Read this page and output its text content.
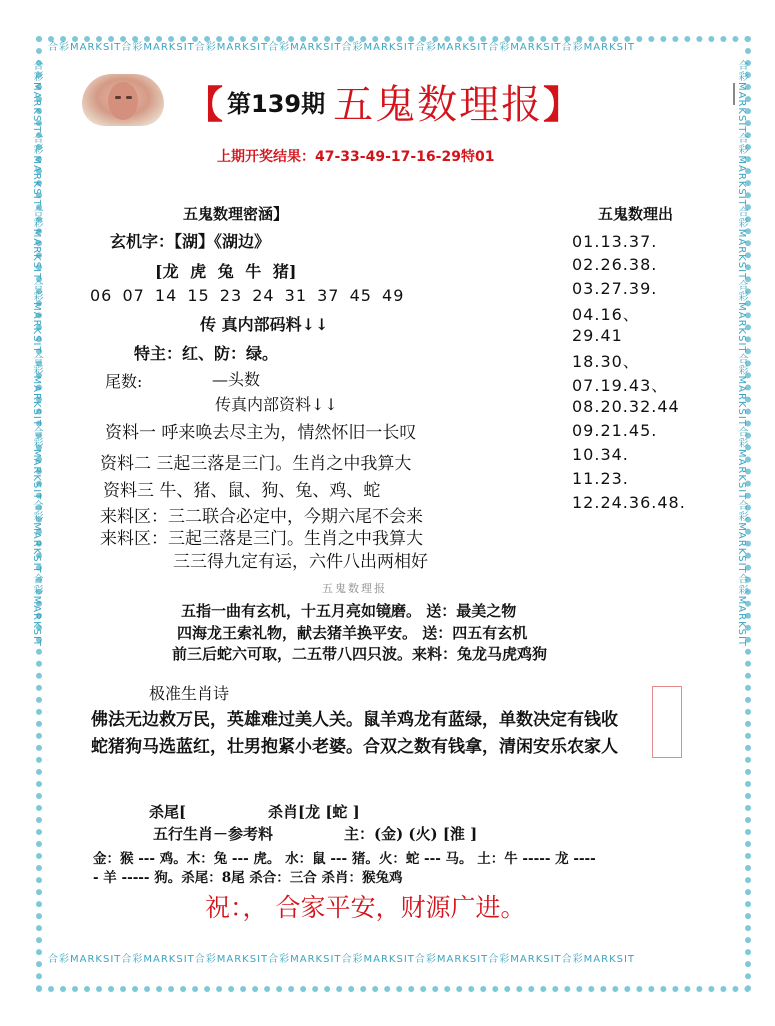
合彩MARKSIT合彩MARKSIT合彩MARKSIT合彩MARKSIT合彩MARKSIT合彩MARKSIT合彩MARKSIT合彩MARKSIT
合彩MARKSIT合彩MARKSIT合彩MARKSIT合彩MARKSIT合彩MARKSIT合彩MARKSIT合彩MARKSIT合彩MARKSIT
合彩MARKSIT合彩MARKSIT合彩MARKSIT合彩MARKSIT合彩MARKSIT合彩MARKSIT合彩MARKSIT合彩MARKSIT	合彩MARKSIT合彩MARKSIT合彩MARKSIT合彩MARKSIT合彩MARKSIT合彩MARKSIT合彩MARKSIT合彩MARKSIT
【 第139期 五鬼数理报 】
上期开奖结果：47-33-49-17-16-29特01
五鬼数理密涵】
玄机字：【湖】《湖边》
[龙 虎 兔 牛 猪]
06 07 14 15 23 24 31 37 45 49
传 真内部码料↓↓
特主：红、防：绿。
尾数:	—头数
传真内部资料↓↓
资料一 呼来唤去尽主为，情然怀旧一长叹
资料二 三起三落是三门。生肖之中我算大
资料三 牛、猪、鼠、狗、兔、鸡、蛇
来料区：三二联合必定中，今期六尾不会来
来料区：三起三落是三门。生肖之中我算大
三三得九定有运，六件八出两相好
五鬼数理出
01.13.37.
02.26.38.
03.27.39.
04.16、
29.41
18.30、
07.19.43、
08.20.32.44
09.21.45.
10.34.
11.23.
12.24.36.48.
五鬼数理报
五指一曲有玄机，十五月亮如镜磨。 送：最美之物
四海龙王索礼物，献去猪羊换平安。 送：四五有玄机
前三后蛇六可取，二五带八四只波。来料：兔龙马虎鸡狗
极准生肖诗
佛法无边救万民，英雄难过美人关。鼠羊鸡龙有蓝绿，单数决定有钱收
蛇猪狗马选蓝红，壮男抱紧小老婆。合双之数有钱拿，清闲安乐农家人
杀尾[	杀肖[龙 [蛇 ]
五行生肖－参考料	主：(金) (火) [淮 ]
金：猴 --- 鸡。木：兔 --- 虎。 水：鼠 --- 猪。火：蛇 --- 马。 土：牛 ----- 龙 ----
- 羊 ----- 狗。杀尾：8尾 杀合：三合 杀肖：猴兔鸡
祝：， 合家平安，财源广进。
